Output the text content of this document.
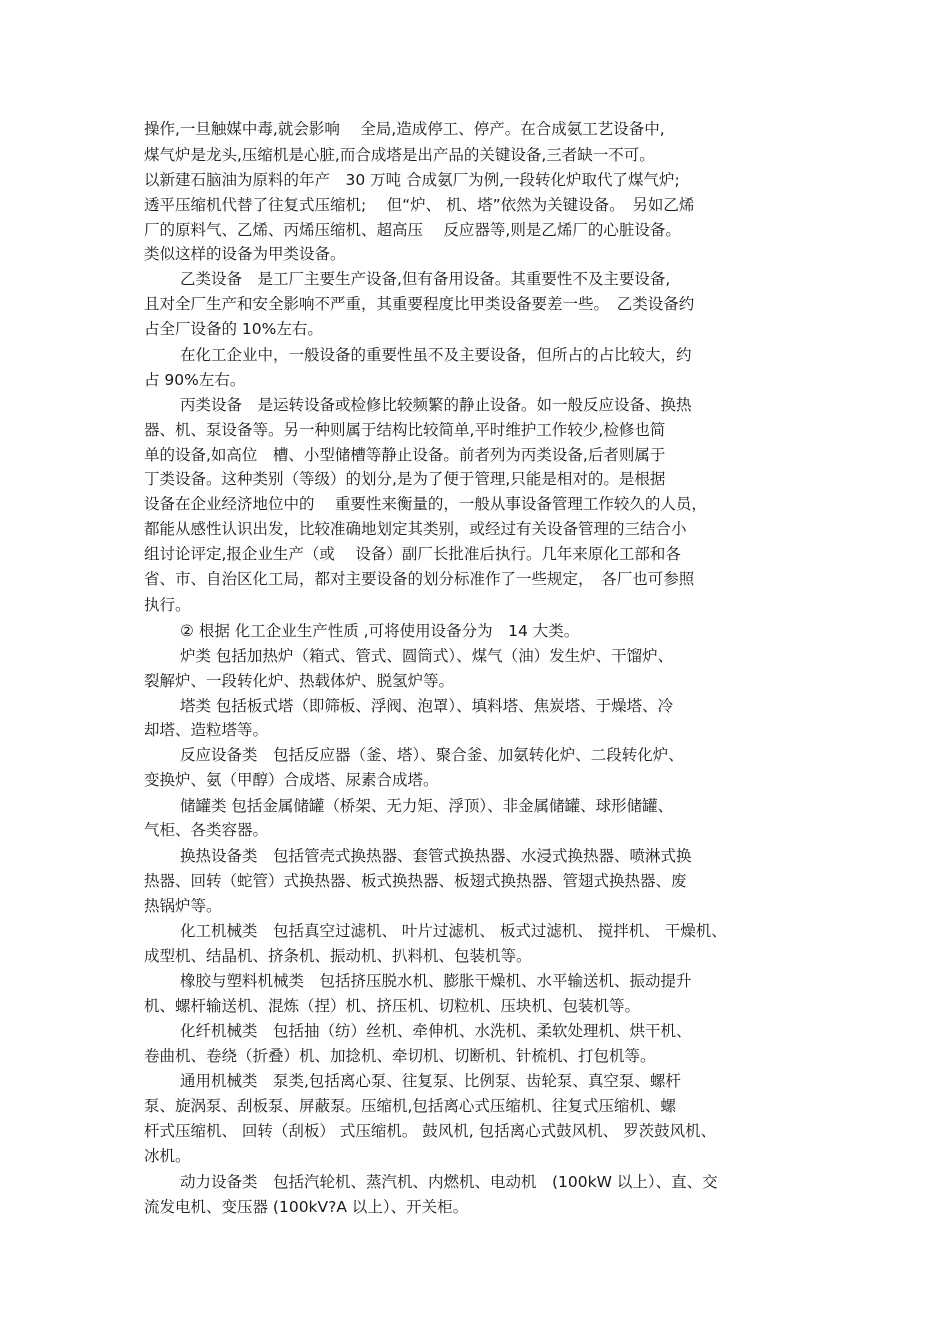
操作,一旦触媒中毒,就会影响　 全局,造成停工、停产。在合成氨工艺设备中,
煤气炉是龙头,压缩机是心脏,而合成塔是出产品的关键设备,三者缺一不可。
以新建石脑油为原料的年产　30 万吨 合成氨厂为例,一段转化炉取代了煤气炉;
透平压缩机代替了往复式压缩机;　 但“炉、 机、塔”依然为关键设备。　另如乙烯
厂的原料气、乙烯、丙烯压缩机、超高压　 反应器等,则是乙烯厂的心脏设备。
类似这样的设备为甲类设备。
乙类设备　是工厂主要生产设备,但有备用设备。其重要性不及主要设备,
且对全厂生产和安全影响不严重，其重要程度比甲类设备要差一些。　乙类设备约
占全厂设备的 10%左右。
在化工企业中，一般设备的重要性虽不及主要设备，但所占的占比较大，约
占 90%左右。
丙类设备　是运转设备或检修比较频繁的静止设备。如一般反应设备、换热
器、机、泵设备等。另一种则属于结构比较简单,平时维护工作较少,检修也简
单的设备,如高位　槽、小型储槽等静止设备。前者列为丙类设备,后者则属于
丁类设备。这种类别（等级）的划分,是为了便于管理,只能是相对的。是根据
设备在企业经济地位中的　 重要性来衡量的，一般从事设备管理工作较久的人员，
都能从感性认识出发，比较准确地划定其类别，或经过有关设备管理的三结合小
组讨论评定,报企业生产（或　 设备）副厂长批准后执行。几年来原化工部和各
省、市、自治区化工局，都对主要设备的划分标准作了一些规定，　各厂也可参照
执行。
② 根据 化工企业生产性质 ,可将使用设备分为　14 大类。
炉类 包括加热炉（箱式、管式、圆筒式）、煤气（油）发生炉、干馏炉、
裂解炉、一段转化炉、热载体炉、脱氢炉等。
塔类 包括板式塔（即筛板、浮阀、泡罩）、填料塔、焦炭塔、于燥塔、冷
却塔、造粒塔等。
反应设备类　包括反应器（釜、塔）、聚合釜、加氨转化炉、二段转化炉、
变换炉、氨（甲醇）合成塔、尿素合成塔。
储罐类 包括金属储罐（桥架、无力矩、浮顶）、非金属储罐、球形储罐、
气柜、各类容器。
换热设备类　包括管壳式换热器、套管式换热器、水浸式换热器、喷淋式换
热器、回转（蛇管）式换热器、板式换热器、板翅式换热器、管翅式换热器、废
热锅炉等。
化工机械类　包括真空过滤机、 叶片过滤机、 板式过滤机、 搅拌机、 干燥机、
成型机、结晶机、挤条机、振动机、扒料机、包装机等。
橡胶与塑料机械类　包括挤压脱水机、膨胀干燥机、水平输送机、振动提升
机、螺杆输送机、混炼（捏）机、挤压机、切粒机、压块机、包装机等。
化纤机械类　包括抽（纺）丝机、牵伸机、水洗机、柔软处理机、烘干机、
卷曲机、卷绕（折叠）机、加捻机、牵切机、切断机、针梳机、打包机等。
通用机械类　泵类,包括离心泵、往复泵、比例泵、齿轮泵、真空泵、螺杆
泵、旋涡泵、刮板泵、屏蔽泵。压缩机,包括离心式压缩机、往复式压缩机、螺
杆式压缩机、 回转（刮板） 式压缩机。 鼓风机, 包括离心式鼓风机、 罗茨鼓风机、
冰机。
动力设备类　包括汽轮机、蒸汽机、内燃机、电动机　(100kW 以上）、直、交
流发电机、变压器 (100kV?A 以上）、开关柜。
